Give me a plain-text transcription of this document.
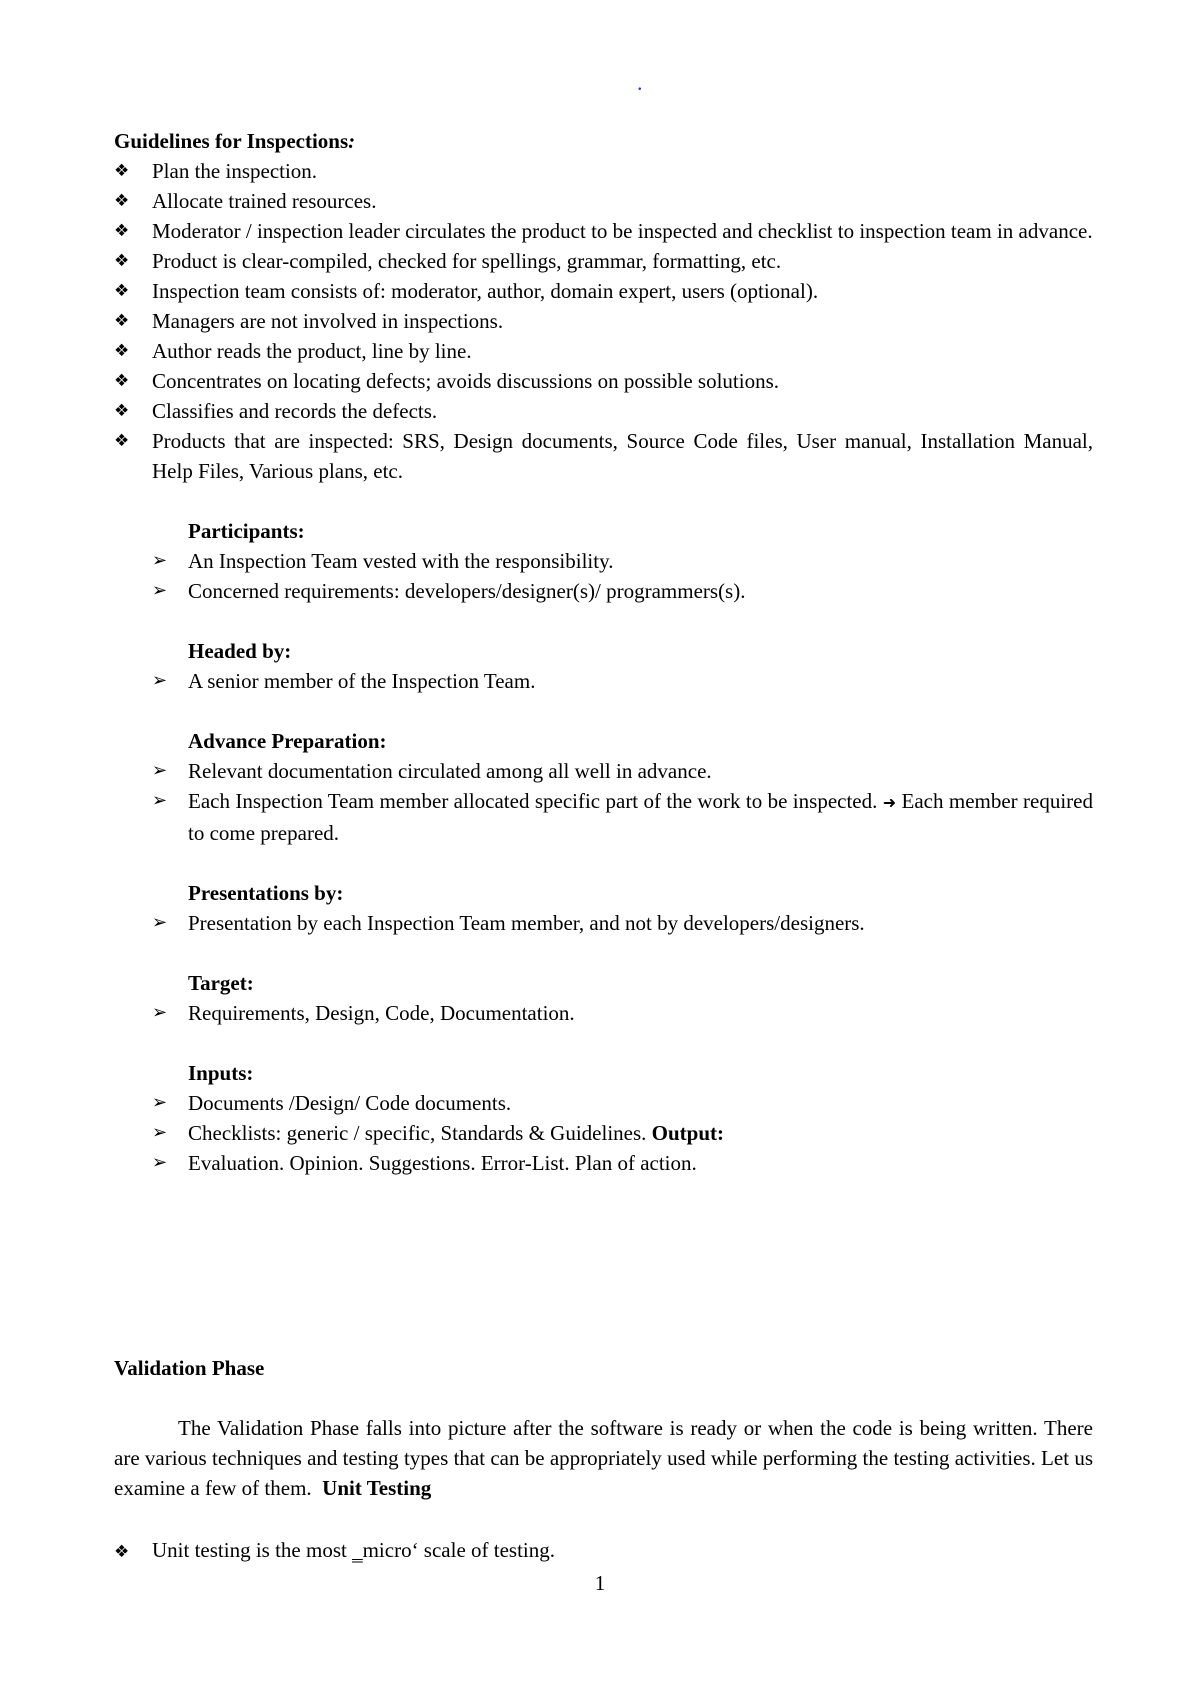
.

Guidelines for Inspections:

❖ Plan the inspection.
❖ Allocate trained resources.
❖ Moderator / inspection leader circulates the product to be inspected and checklist to inspection team in advance.
❖ Product is clear-compiled, checked for spellings, grammar, formatting, etc.
❖ Inspection team consists of: moderator, author, domain expert, users (optional).
❖ Managers are not involved in inspections.
❖ Author reads the product, line by line.
❖ Concentrates on locating defects; avoids discussions on possible solutions.
❖ Classifies and records the defects.
❖ Products that are inspected: SRS, Design documents, Source Code files, User manual, Installation Manual, Help Files, Various plans, etc.
Participants:
➢ An Inspection Team vested with the responsibility.
➢ Concerned requirements: developers/designer(s)/ programmers(s).
Headed by:
➢ A senior member of the Inspection Team.
Advance Preparation:
➢ Relevant documentation circulated among all well in advance.
➢ Each Inspection Team member allocated specific part of the work to be inspected. ➜ Each member required to come prepared.
Presentations by:
➢ Presentation by each Inspection Team member, and not by developers/designers.
Target:
➢ Requirements, Design, Code, Documentation.
Inputs:
➢ Documents /Design/ Code documents.
➢ Checklists: generic / specific, Standards & Guidelines. Output:
➢ Evaluation. Opinion. Suggestions. Error-List. Plan of action.
Validation Phase

The Validation Phase falls into picture after the software is ready or when the code is being written. There are various techniques and testing types that can be appropriately used while performing the testing activities. Let us examine a few of them. Unit Testing

❖ Unit testing is the most ‗micro‘ scale of testing.
1
